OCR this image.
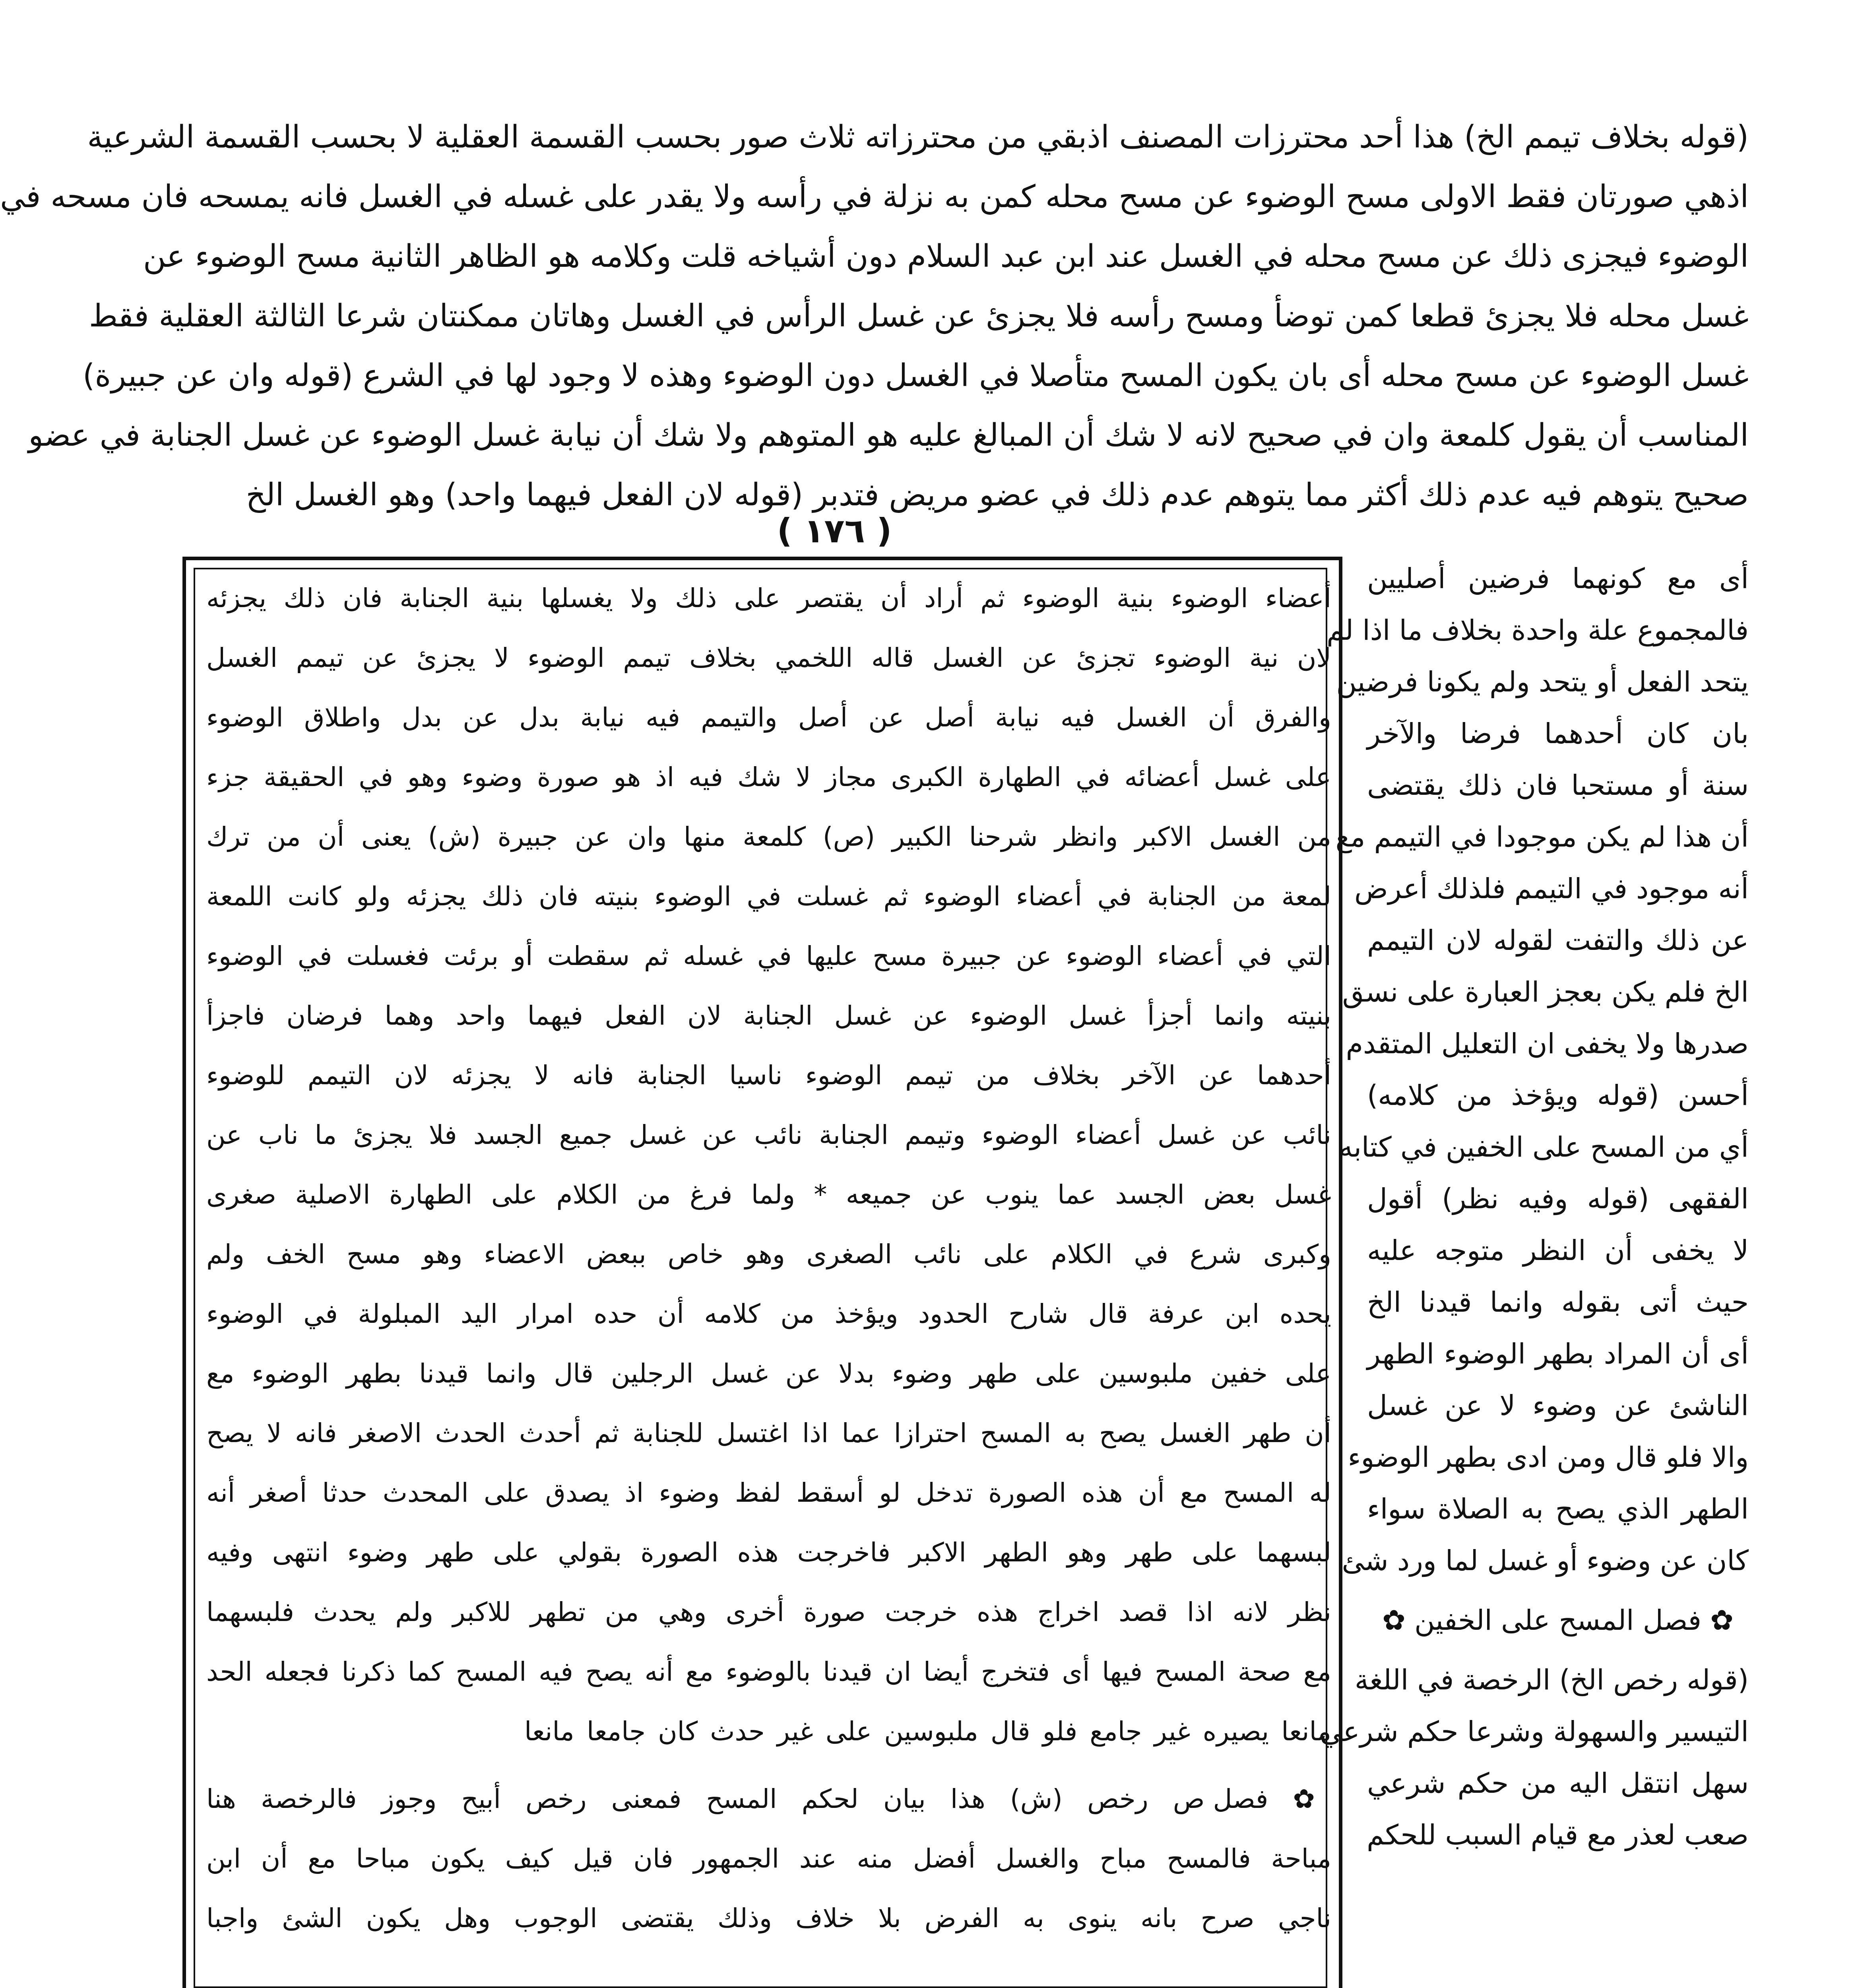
(قوله بخلاف تيمم الخ) هذا أحد محترزات المصنف اذبقي من محترزاته ثلاث صور بحسب القسمة العقلية لا بحسب القسمة الشرعية
اذهي صورتان فقط الاولى مسح الوضوء عن مسح محله كمن به نزلة في رأسه ولا يقدر على غسله في الغسل فانه يمسحه فان مسحه في
الوضوء فيجزى ذلك عن مسح محله في الغسل عند ابن عبد السلام دون أشياخه قلت وكلامه هو الظاهر الثانية مسح الوضوء عن
غسل محله فلا يجزئ قطعا كمن توضأ ومسح رأسه فلا يجزئ عن غسل الرأس في الغسل وهاتان ممكنتان شرعا الثالثة العقلية فقط
غسل الوضوء عن مسح محله أى بان يكون المسح متأصلا في الغسل دون الوضوء وهذه لا وجود لها في الشرع (قوله وان عن جبيرة)
المناسب أن يقول كلمعة وان في صحيح لانه لا شك أن المبالغ عليه هو المتوهم ولا شك أن نيابة غسل الوضوء عن غسل الجنابة في عضو
صحيح يتوهم فيه عدم ذلك أكثر مما يتوهم عدم ذلك في عضو مريض فتدبر (قوله لان الفعل فيهما واحد) وهو الغسل الخ
( ١٧٦ )
أى مع كونهما فرضين أصليين
فالمجموع علة واحدة بخلاف ما اذا لم
يتحد الفعل أو يتحد ولم يكونا فرضين
بان كان أحدهما فرضا والآخر
سنة أو مستحبا فان ذلك يقتضى
أن هذا لم يكن موجودا في التيمم مع
أنه موجود في التيمم فلذلك أعرض
عن ذلك والتفت لقوله لان التيمم
الخ فلم يكن بعجز العبارة على نسق
صدرها ولا يخفى ان التعليل المتقدم
أحسن (قوله ويؤخذ من كلامه)
أي من المسح على الخفين في كتابه
الفقهى (قوله وفيه نظر) أقول
لا يخفى أن النظر متوجه عليه
حيث أتى بقوله وانما قيدنا الخ
أى أن المراد بطهر الوضوء الطهر
الناشئ عن وضوء لا عن غسل
والا فلو قال ومن ادى بطهر الوضوء
الطهر الذي يصح به الصلاة سواء
كان عن وضوء أو غسل لما ورد شئ
✿ فصل المسح على الخفين ✿
(قوله رخص الخ) الرخصة في اللغة
التيسير والسهولة وشرعا حكم شرعي
سهل انتقل اليه من حكم شرعي
صعب لعذر مع قيام السبب للحكم
أعضاء الوضوء بنية الوضوء ثم أراد أن يقتصر على ذلك ولا يغسلها بنية الجنابة فان ذلك يجزئه
لان نية الوضوء تجزئ عن الغسل قاله اللخمي بخلاف تيمم الوضوء لا يجزئ عن تيمم الغسل
والفرق أن الغسل فيه نيابة أصل عن أصل والتيمم فيه نيابة بدل عن بدل واطلاق الوضوء
على غسل أعضائه في الطهارة الكبرى مجاز لا شك فيه اذ هو صورة وضوء وهو في الحقيقة جزء
من الغسل الاكبر وانظر شرحنا الكبير (ص) كلمعة منها وان عن جبيرة (ش) يعنى أن من ترك
لمعة من الجنابة في أعضاء الوضوء ثم غسلت في الوضوء بنيته فان ذلك يجزئه ولو كانت اللمعة
التي في أعضاء الوضوء عن جبيرة مسح عليها في غسله ثم سقطت أو برئت فغسلت في الوضوء
بنيته وانما أجزأ غسل الوضوء عن غسل الجنابة لان الفعل فيهما واحد وهما فرضان فاجزأ
أحدهما عن الآخر بخلاف من تيمم الوضوء ناسيا الجنابة فانه لا يجزئه لان التيمم للوضوء
نائب عن غسل أعضاء الوضوء وتيمم الجنابة نائب عن غسل جميع الجسد فلا يجزئ ما ناب عن
غسل بعض الجسد عما ينوب عن جميعه * ولما فرغ من الكلام على الطهارة الاصلية صغرى
وكبرى شرع في الكلام على نائب الصغرى وهو خاص ببعض الاعضاء وهو مسح الخف ولم
يحده ابن عرفة قال شارح الحدود ويؤخذ من كلامه أن حده امرار اليد المبلولة في الوضوء
على خفين ملبوسين على طهر وضوء بدلا عن غسل الرجلين قال وانما قيدنا بطهر الوضوء مع
أن طهر الغسل يصح به المسح احترازا عما اذا اغتسل للجنابة ثم أحدث الحدث الاصغر فانه لا يصح
له المسح مع أن هذه الصورة تدخل لو أسقط لفظ وضوء اذ يصدق على المحدث حدثا أصغر أنه
لبسهما على طهر وهو الطهر الاكبر فاخرجت هذه الصورة بقولي على طهر وضوء انتهى وفيه
نظر لانه اذا قصد اخراج هذه خرجت صورة أخرى وهي من تطهر للاكبر ولم يحدث فلبسهما
مع صحة المسح فيها أى فتخرج أيضا ان قيدنا بالوضوء مع أنه يصح فيه المسح كما ذكرنا فجعله الحد
مانعا يصيره غير جامع فلو قال ملبوسين على غير حدث كان جامعا مانعا
✿ فصل ص رخص (ش) هذا بيان لحكم المسح فمعنى رخص أبيح وجوز فالرخصة هنا
مباحة فالمسح مباح والغسل أفضل منه عند الجمهور فان قيل كيف يكون مباحا مع أن ابن
ناجي صرح بانه ينوى به الفرض بلا خلاف وذلك يقتضى الوجوب وهل يكون الشئ واجبا
